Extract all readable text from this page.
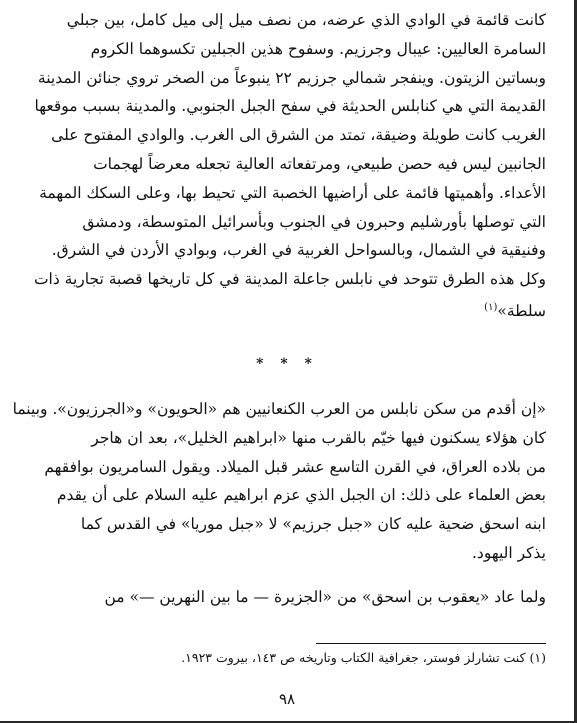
كانت قائمة في الوادي الذي عرضه، من نصف ميل إلى ميل كامل، بين جبلي
السامرة العاليين: عيبال وجرزيم. وسفوح هذين الجبلين تكسوهما الكروم
وبساتين الزيتون. وينفجر شمالي جرزيم ٢٢ ينبوعاً من الصخر تروي جنائن المدينة
القديمة التي هي كنابلس الحديثة في سفح الجبل الجنوبي. والمدينة بسبب موقعها
الغريب كانت طويلة وضيقة، تمتد من الشرق الى الغرب. والوادي المفتوح على
الجانبين ليس فيه حصن طبيعي، ومرتفعاته العالية تجعله معرضاً لهجمات
الأعداء. وأهميتها قائمة على أراضيها الخصبة التي تحيط بها، وعلى السكك المهمة
التي توصلها بأورشليم وحبرون في الجنوب وبأسرائيل المتوسطة، ودمشق
وفنيقية في الشمال، وبالسواحل الغربية في الغرب، وبوادي الأردن في الشرق.
وكل هذه الطرق تتوحد في نابلس جاعلة المدينة في كل تاريخها قصبة تجارية ذات
سلطة»$^{(١)}$
* * *
«إن أقدم من سكن نابلس من العرب الكنعانيين هم «الحويون» و«الجرزيون». وبينما
كان هؤلاء يسكنون فيها خيّم بالقرب منها «ابراهيم الخليل»، بعد ان هاجر
من بلاده العراق، في القرن التاسع عشر قبل الميلاد. ويقول السامريون بوافقهم
بعض العلماء على ذلك: ان الجبل الذي عزم ابراهيم عليه السلام على أن يقدم
ابنه اسحق ضحية عليه كان «جبل جرزيم» لا «جبل موريا» في القدس كما
يذكر اليهود.
ولما عاد «يعقوب بن اسحق» من «الجزيرة — ما بين النهرين —» من

(١) كنت تشارلز فوستر، جغرافية الكتاب وتاريخه ص ١٤٣، بيروت ١٩٢٣.

٩٨
